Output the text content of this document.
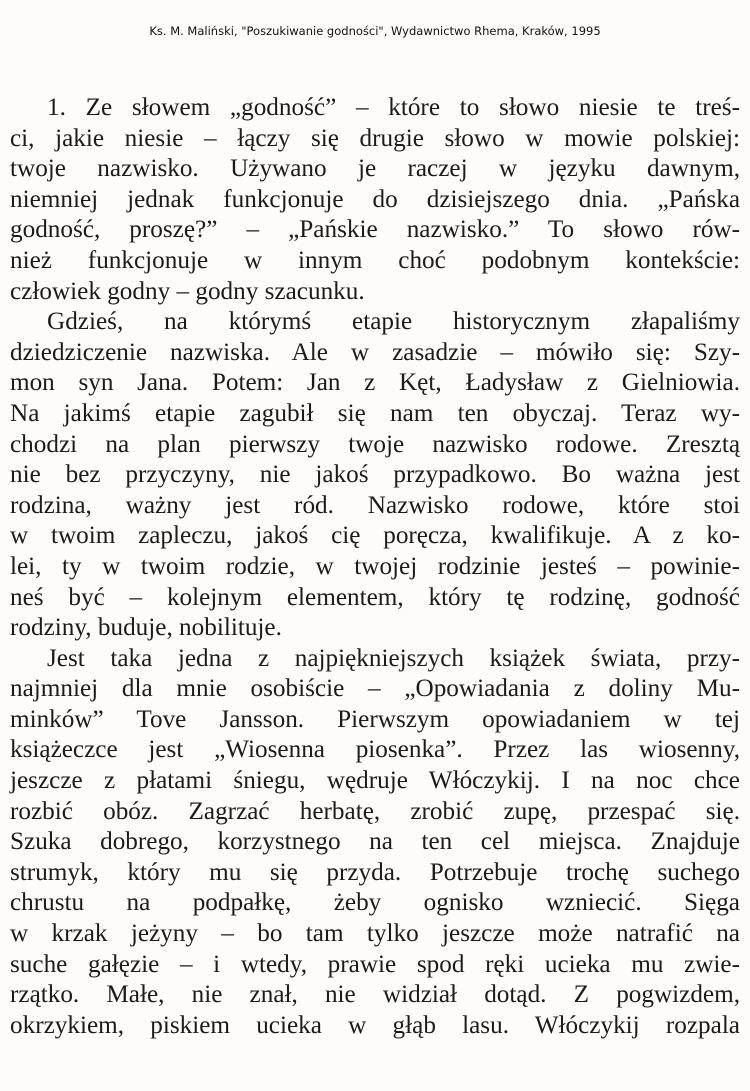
Ks. M. Maliński, "Poszukiwanie godności", Wydawnictwo Rhema, Kraków, 1995
1. Ze słowem „godność” – które to słowo niesie te treś-
ci, jakie niesie – łączy się drugie słowo w mowie polskiej:
twoje nazwisko. Używano je raczej w języku dawnym,
niemniej jednak funkcjonuje do dzisiejszego dnia. „Pańska
godność, proszę?” – „Pańskie nazwisko.” To słowo rów-
nież funkcjonuje w innym choć podobnym kontekście:
człowiek godny – godny szacunku.
Gdzieś, na którymś etapie historycznym złapaliśmy
dziedziczenie nazwiska. Ale w zasadzie – mówiło się: Szy-
mon syn Jana. Potem: Jan z Kęt, Ładysław z Gielniowia.
Na jakimś etapie zagubił się nam ten obyczaj. Teraz wy-
chodzi na plan pierwszy twoje nazwisko rodowe. Zresztą
nie bez przyczyny, nie jakoś przypadkowo. Bo ważna jest
rodzina, ważny jest ród. Nazwisko rodowe, które stoi
w twoim zapleczu, jakoś cię poręcza, kwalifikuje. A z ko-
lei, ty w twoim rodzie, w twojej rodzinie jesteś – powinie-
neś być – kolejnym elementem, który tę rodzinę, godność
rodziny, buduje, nobilituje.
Jest taka jedna z najpiękniejszych książek świata, przy-
najmniej dla mnie osobiście – „Opowiadania z doliny Mu-
minków” Tove Jansson. Pierwszym opowiadaniem w tej
książeczce jest „Wiosenna piosenka”. Przez las wiosenny,
jeszcze z płatami śniegu, wędruje Włóczykij. I na noc chce
rozbić obóz. Zagrzać herbatę, zrobić zupę, przespać się.
Szuka dobrego, korzystnego na ten cel miejsca. Znajduje
strumyk, który mu się przyda. Potrzebuje trochę suchego
chrustu na podpałkę, żeby ognisko wzniecić. Sięga
w krzak jeżyny – bo tam tylko jeszcze może natrafić na
suche gałęzie – i wtedy, prawie spod ręki ucieka mu zwie-
rzątko. Małe, nie znał, nie widział dotąd. Z pogwizdem,
okrzykiem, piskiem ucieka w głąb lasu. Włóczykij rozpala
